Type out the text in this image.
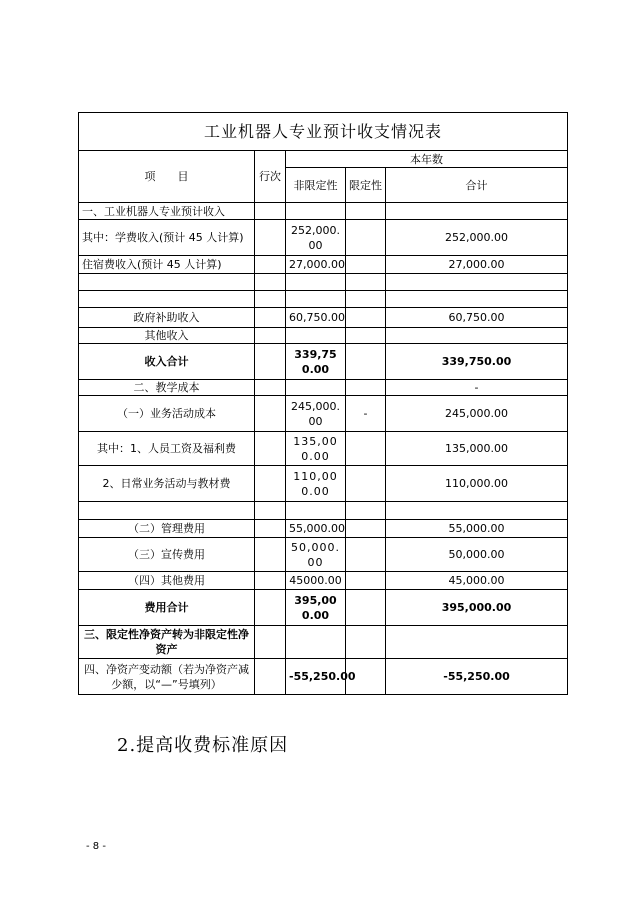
工业机器人专业预计收支情况表				
项　　目	行次	本年数		
		非限定性	限定性	合计
一、工业机器人专业预计收入				
其中：学费收入(预计 45 人计算)		252,000.00		252,000.00
住宿费收入(预计 45 人计算)		27,000.00		27,000.00

政府补助收入		60,750.00		60,750.00
其他收入				
收入合计		339,750.00		339,750.00
二、教学成本				-
（一）业务活动成本		245,000.00	-	245,000.00
其中：1、人员工资及福利费		135,000.00		135,000.00
2、日常业务活动与教材费		110,000.00		110,000.00

（二）管理费用		55,000.00		55,000.00
（三）宣传费用		50,000.00		50,000.00
（四）其他费用		45000.00		45,000.00
费用合计		395,000.00		395,000.00
三、限定性净资产转为非限定性净资产				
四、净资产变动额（若为净资产减少额，以“—”号填列）		-55,250.00		-55,250.00
2.提高收费标准原因
- 8 -
